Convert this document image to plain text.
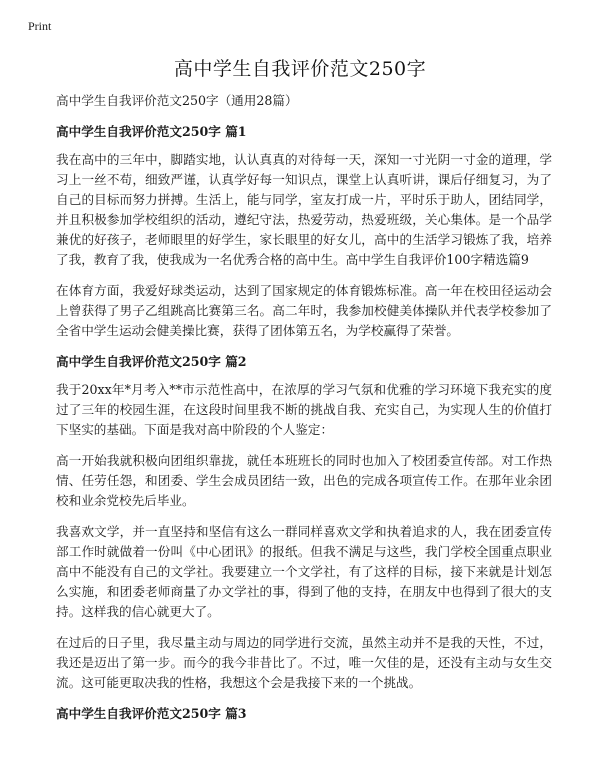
Print
高中学生自我评价范文250字

高中学生自我评价范文250字（通用28篇）

高中学生自我评价范文250字 篇1

我在高中的三年中，脚踏实地，认认真真的对待每一天，深知一寸光阴一寸金的道理，学习上一丝不苟，细致严谨，认真学好每一知识点，课堂上认真听讲，课后仔细复习，为了自己的目标而努力拼搏。生活上，能与同学，室友打成一片，平时乐于助人，团结同学，并且积极参加学校组织的活动，遵纪守法，热爱劳动，热爱班级，关心集体。是一个品学兼优的好孩子，老师眼里的好学生，家长眼里的好女儿，高中的生活学习锻炼了我，培养了我，教育了我，使我成为一名优秀合格的高中生。高中学生自我评价100字精选篇9

在体育方面，我爱好球类运动，达到了国家规定的体育锻炼标准。高一年在校田径运动会上曾获得了男子乙组跳高比赛第三名。高二年时，我参加校健美体操队并代表学校参加了全省中学生运动会健美操比赛，获得了团体第五名，为学校赢得了荣誉。

高中学生自我评价范文250字 篇2

我于20xx年*月考入**市示范性高中，在浓厚的学习气氛和优雅的学习环境下我充实的度过了三年的校园生涯，在这段时间里我不断的挑战自我、充实自己，为实现人生的价值打下坚实的基础。下面是我对高中阶段的个人鉴定：

高一开始我就积极向团组织靠拢，就任本班班长的同时也加入了校团委宣传部。对工作热情、任劳任怨，和团委、学生会成员团结一致，出色的完成各项宣传工作。在那年业余团校和业余党校先后毕业。

我喜欢文学，并一直坚持和坚信有这么一群同样喜欢文学和执着追求的人，我在团委宣传部工作时就做着一份叫《中心团讯》的报纸。但我不满足与这些，我门学校全国重点职业高中不能没有自己的文学社。我要建立一个文学社，有了这样的目标，接下来就是计划怎么实施，和团委老师商量了办文学社的事，得到了他的支持，在朋友中也得到了很大的支持。这样我的信心就更大了。

在过后的日子里，我尽量主动与周边的同学进行交流，虽然主动并不是我的天性，不过，我还是迈出了第一步。而今的我今非昔比了。不过，唯一欠佳的是，还没有主动与女生交流。这可能更取决我的性格，我想这个会是我接下来的一个挑战。

高中学生自我评价范文250字 篇3
